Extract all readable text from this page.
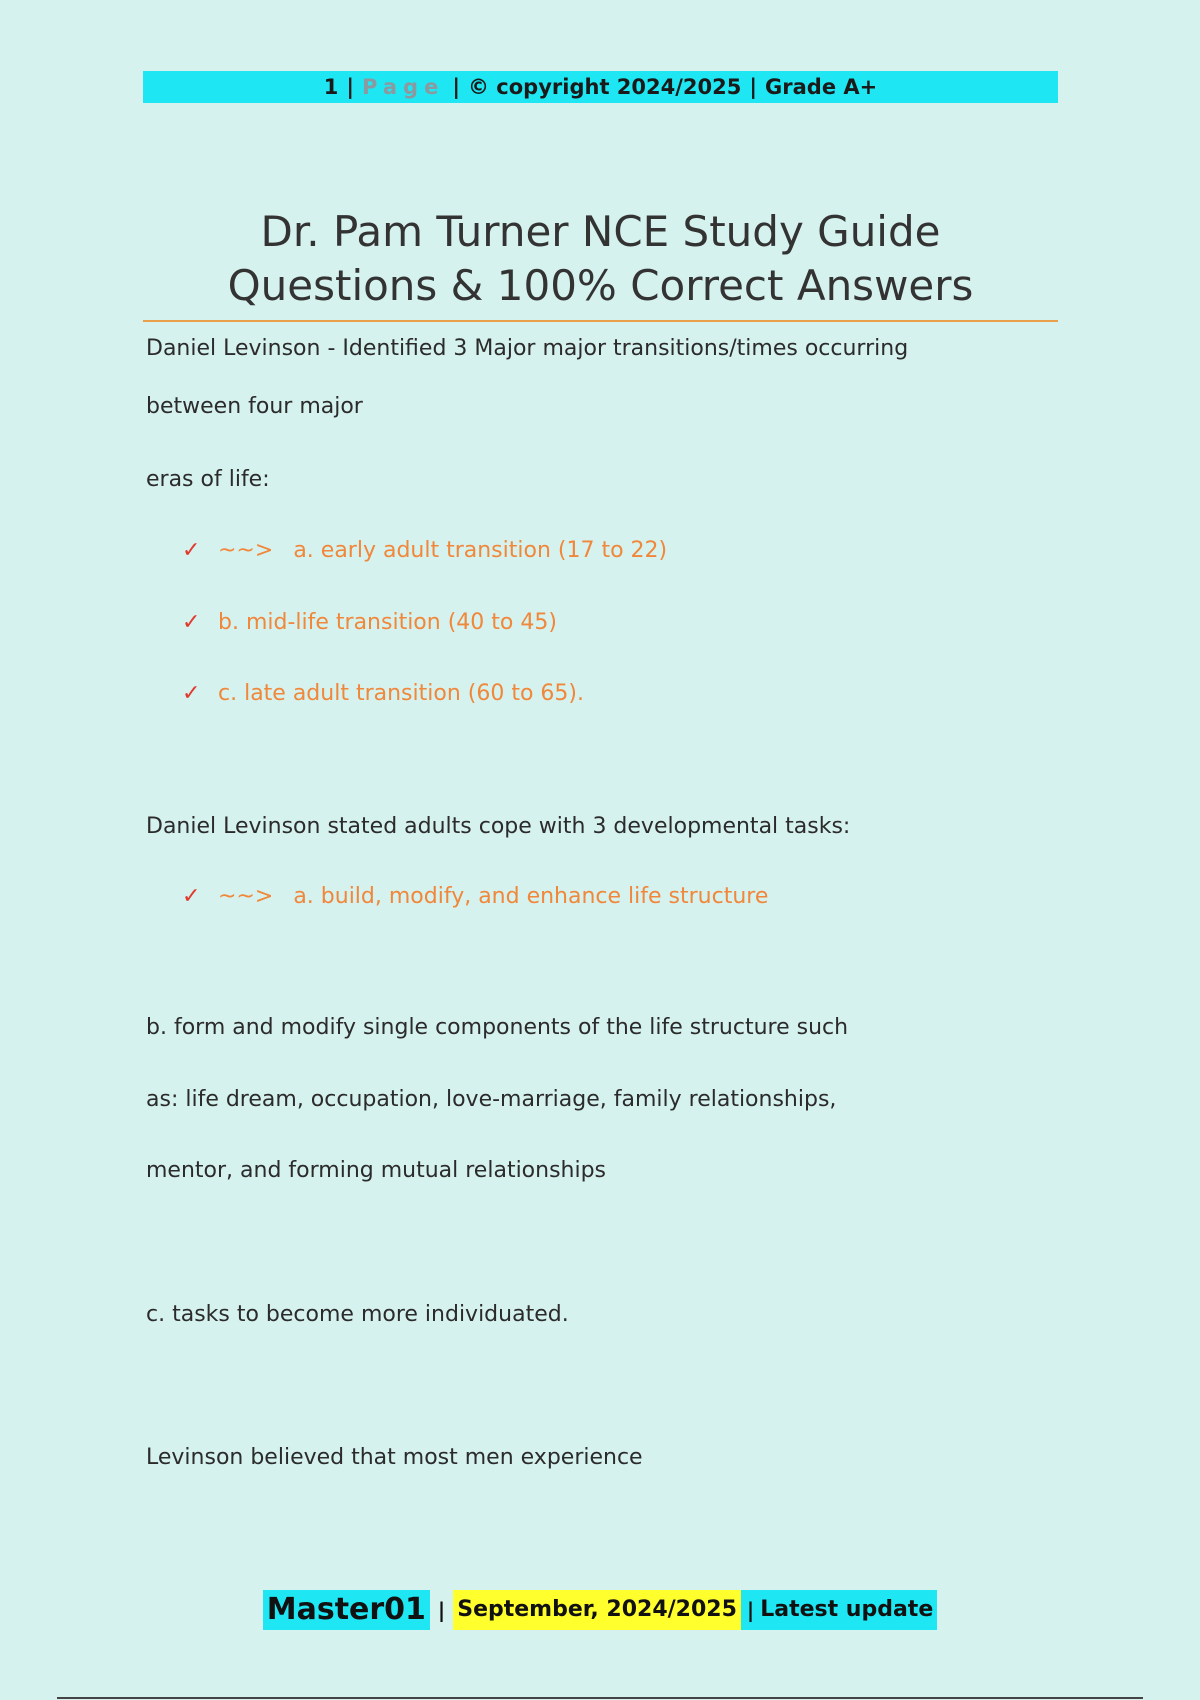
1 | Page | © copyright 2024/2025 | Grade A+
Dr. Pam Turner NCE Study Guide
Questions & 100% Correct Answers
Daniel Levinson - Identified 3 Major major transitions/times occurring
between four major
eras of life:
✓ ~~> a. early adult transition (17 to 22)
✓ b. mid-life transition (40 to 45)
✓ c. late adult transition (60 to 65).
Daniel Levinson stated adults cope with 3 developmental tasks:
✓ ~~> a. build, modify, and enhance life structure
b. form and modify single components of the life structure such
as: life dream, occupation, love-marriage, family relationships,
mentor, and forming mutual relationships
c. tasks to become more individuated.
Levinson believed that most men experience
Master01 | September, 2024/2025 | Latest update
